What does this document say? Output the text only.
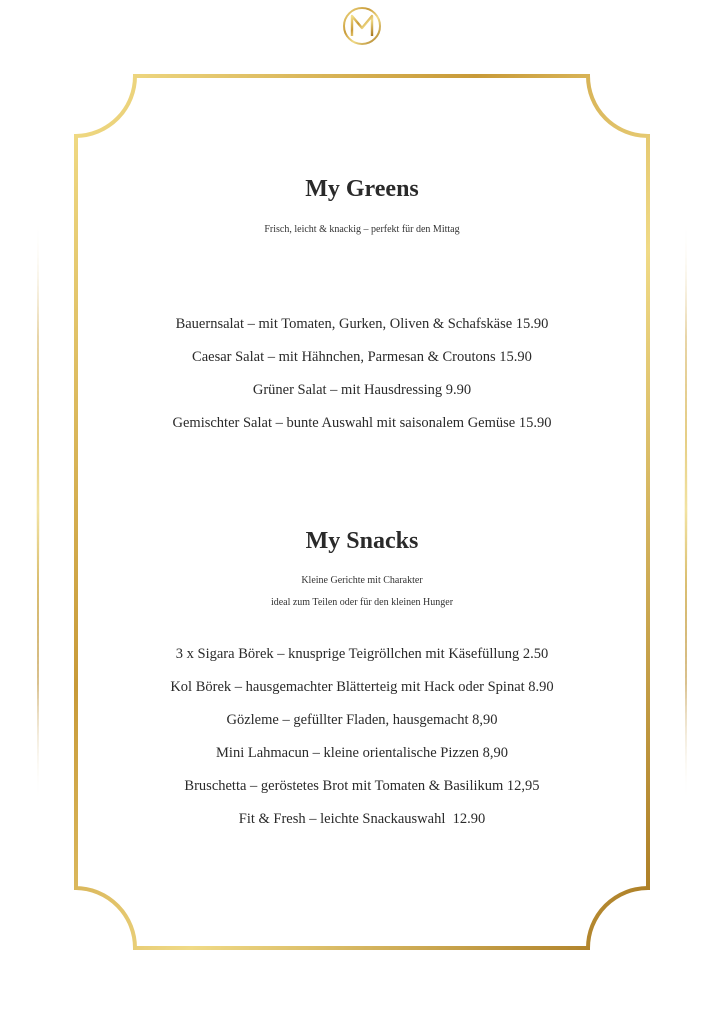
My Greens

Frisch, leicht & knackig – perfekt für den Mittag

Bauernsalat – mit Tomaten, Gurken, Oliven & Schafskäse 15.90

Caesar Salat – mit Hähnchen, Parmesan & Croutons 15.90

Grüner Salat – mit Hausdressing 9.90

Gemischter Salat – bunte Auswahl mit saisonalem Gemüse 15.90

My Snacks

Kleine Gerichte mit Charakter

ideal zum Teilen oder für den kleinen Hunger

3 x Sigara Börek – knusprige Teigröllchen mit Käsefüllung 2.50

Kol Börek – hausgemachter Blätterteig mit Hack oder Spinat 8.90

Gözleme – gefüllter Fladen, hausgemacht 8,90

Mini Lahmacun – kleine orientalische Pizzen 8,90

Bruschetta – geröstetes Brot mit Tomaten & Basilikum 12,95

Fit & Fresh – leichte Snackauswahl  12.90
